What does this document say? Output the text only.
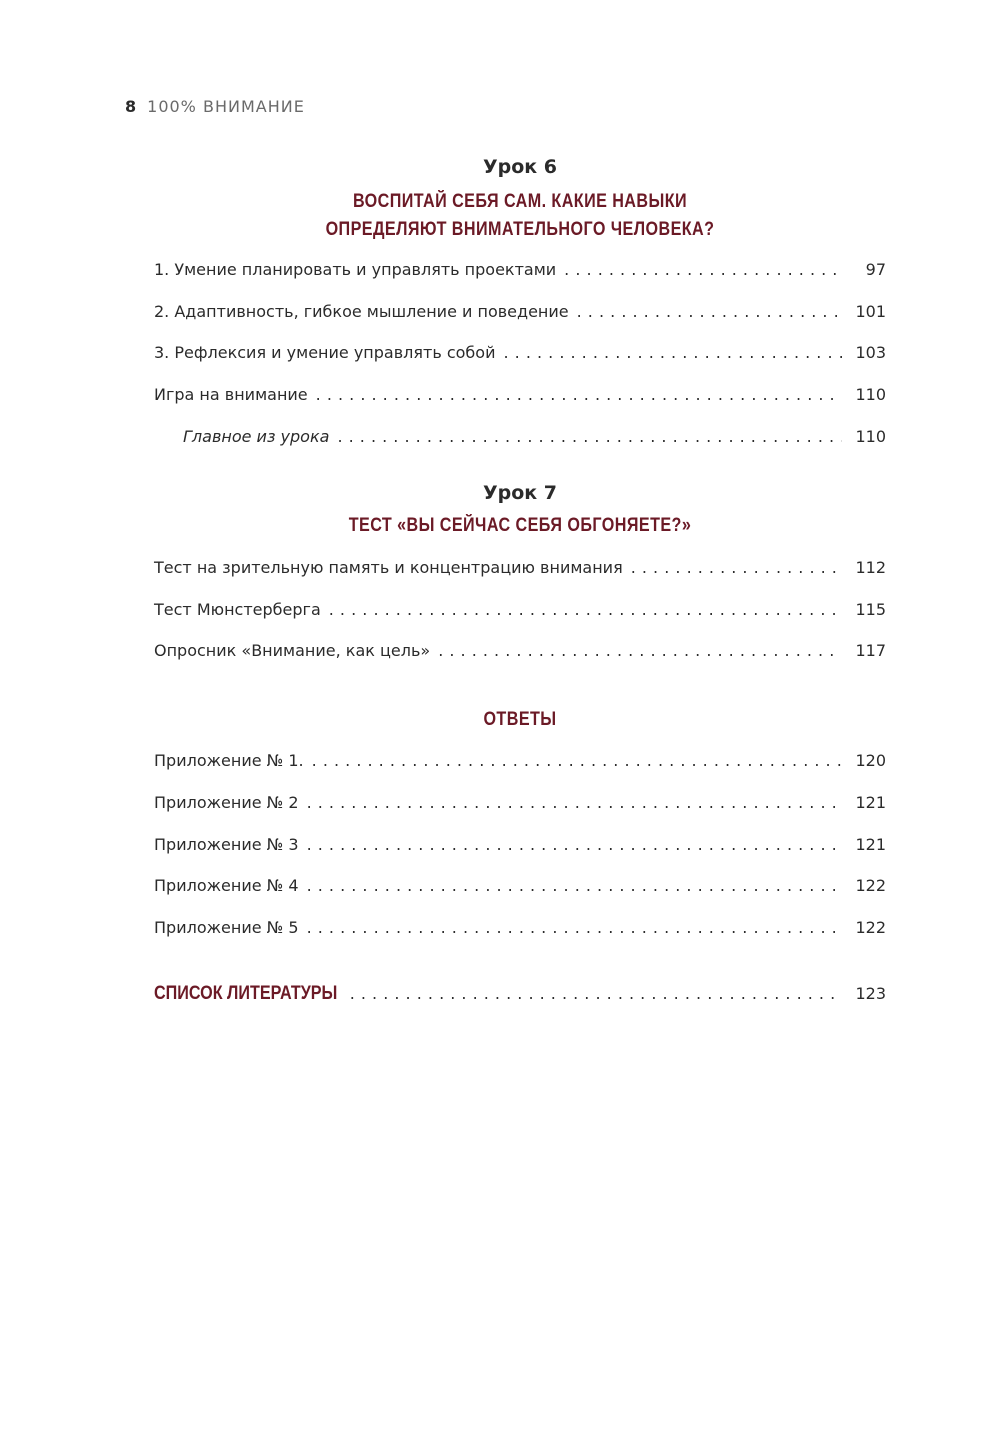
8 100% ВНИМАНИЕ
Урок 6
ВОСПИТАЙ СЕБЯ САМ. КАКИЕ НАВЫКИ
ОПРЕДЕЛЯЮТ ВНИМАТЕЛЬНОГО ЧЕЛОВЕКА?
1. Умение планировать и управлять проектами . . .	97
2. Адаптивность, гибкое мышление и поведение . . .	101
3. Рефлексия и умение управлять собой . . .	103
Игра на внимание . . .	110
Главное из урока . . .	110
Урок 7
ТЕСТ «ВЫ СЕЙЧАС СЕБЯ ОБГОНЯЕТЕ?»
Тест на зрительную память и концентрацию внимания . . .	112
Тест Мюнстерберга . . .	115
Опросник «Внимание, как цель» . . .	117
ОТВЕТЫ
Приложение № 1. . . .	120
Приложение № 2 . . .	121
Приложение № 3 . . .	121
Приложение № 4 . . .	122
Приложение № 5 . . .	122
СПИСОК ЛИТЕРАТУРЫ . . .	123
